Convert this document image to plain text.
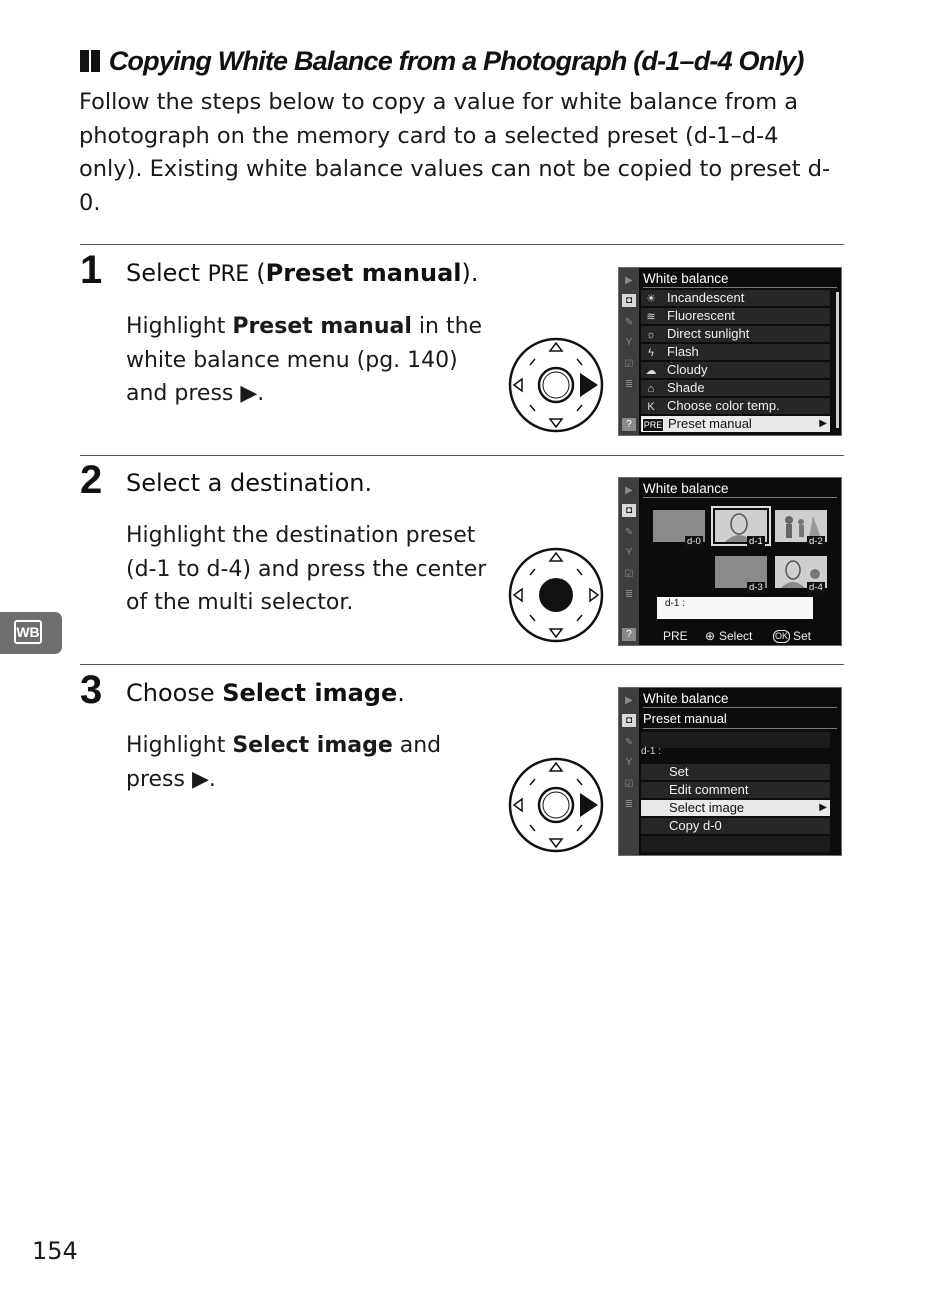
Copying White Balance from a Photograph (d-1–d-4 Only)

Follow the steps below to copy a value for white balance from a photograph on the memory card to a selected preset (d-1–d-4 only). Existing white balance values can not be copied to preset d-0.

1 Select PRE (Preset manual).

Highlight Preset manual in the white balance menu (pg. 140) and press ▶.

▶
◘
✎
Y
☑
≣
?
White balance
☀ Incandescent
≋ Fluorescent
☼ Direct sunlight
ϟ Flash
☁ Cloudy
⌂ Shade
K Choose color temp.
PRE Preset manual	▶
2 Select a destination.

Highlight the destination preset (d-1 to d-4) and press the center of the multi selector.

▶
◘
✎
Y
☑
≣
?
White balance
d-0	d-1	d-2
d-3	d-4
d-1 :
PRE ⊕ Select	OK Set
3 Choose Select image.

Highlight Select image and press ▶.

▶
◘
✎
Y
☑
≣
White balance
Preset manual
d-1 :
Set
Edit comment
Select image	▶
Copy d-0
WB
154
